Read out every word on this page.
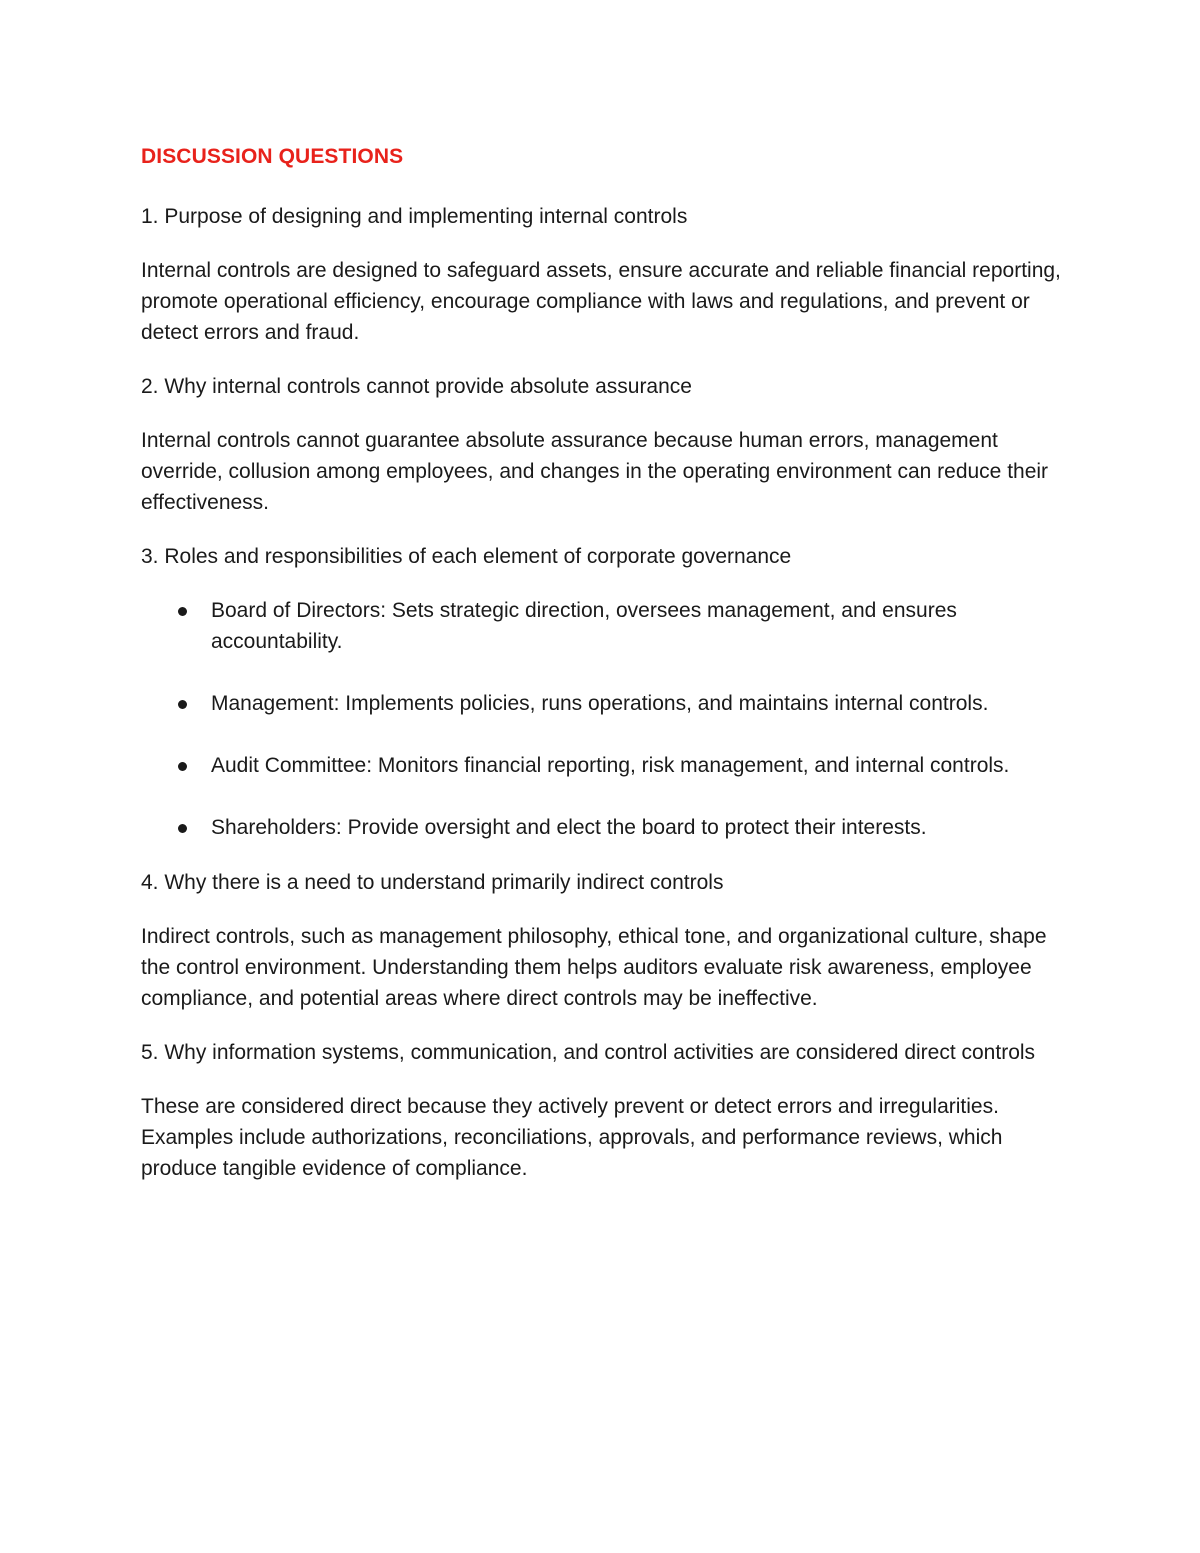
DISCUSSION QUESTIONS
1. Purpose of designing and implementing internal controls
Internal controls are designed to safeguard assets, ensure accurate and reliable financial reporting, promote operational efficiency, encourage compliance with laws and regulations, and prevent or detect errors and fraud.
2. Why internal controls cannot provide absolute assurance
Internal controls cannot guarantee absolute assurance because human errors, management override, collusion among employees, and changes in the operating environment can reduce their effectiveness.
3. Roles and responsibilities of each element of corporate governance
Board of Directors: Sets strategic direction, oversees management, and ensures accountability.
Management: Implements policies, runs operations, and maintains internal controls.
Audit Committee: Monitors financial reporting, risk management, and internal controls.
Shareholders: Provide oversight and elect the board to protect their interests.
4. Why there is a need to understand primarily indirect controls
Indirect controls, such as management philosophy, ethical tone, and organizational culture, shape the control environment. Understanding them helps auditors evaluate risk awareness, employee compliance, and potential areas where direct controls may be ineffective.
5. Why information systems, communication, and control activities are considered direct controls
These are considered direct because they actively prevent or detect errors and irregularities. Examples include authorizations, reconciliations, approvals, and performance reviews, which produce tangible evidence of compliance.
